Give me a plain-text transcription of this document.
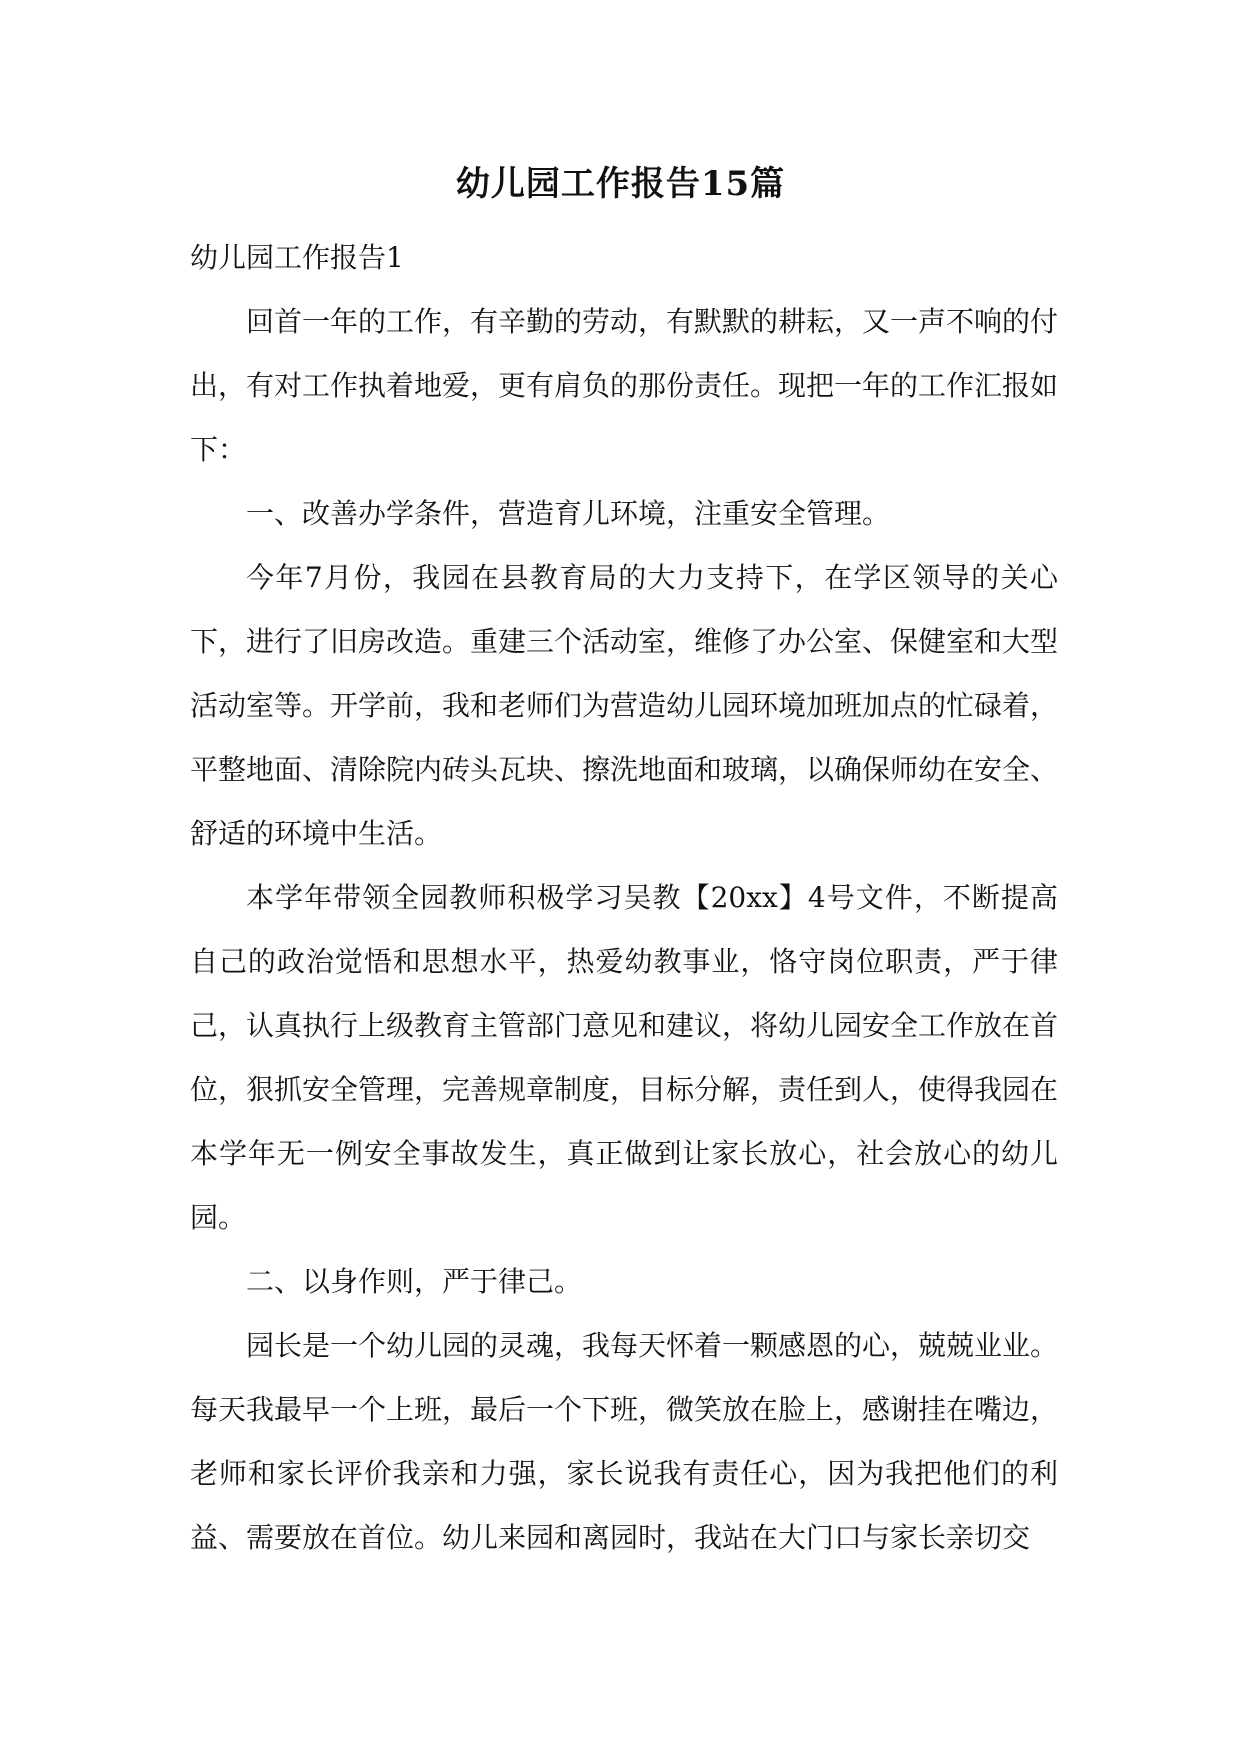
幼儿园工作报告15篇

幼儿园工作报告1

回首一年的工作，有辛勤的劳动，有默默的耕耘，又一声不响的付出，有对工作执着地爱，更有肩负的那份责任。现把一年的工作汇报如下：

一、改善办学条件，营造育儿环境，注重安全管理。

今年7月份，我园在县教育局的大力支持下，在学区领导的关心下，进行了旧房改造。重建三个活动室，维修了办公室、保健室和大型活动室等。开学前，我和老师们为营造幼儿园环境加班加点的忙碌着，平整地面、清除院内砖头瓦块、擦洗地面和玻璃，以确保师幼在安全、舒适的环境中生活。

本学年带领全园教师积极学习吴教【20xx】4号文件，不断提高自己的政治觉悟和思想水平，热爱幼教事业，恪守岗位职责，严于律己，认真执行上级教育主管部门意见和建议，将幼儿园安全工作放在首位，狠抓安全管理，完善规章制度，目标分解，责任到人，使得我园在本学年无一例安全事故发生，真正做到让家长放心，社会放心的幼儿园。

二、以身作则，严于律己。

园长是一个幼儿园的灵魂，我每天怀着一颗感恩的心，兢兢业业。每天我最早一个上班，最后一个下班，微笑放在脸上，感谢挂在嘴边，老师和家长评价我亲和力强，家长说我有责任心，因为我把他们的利益、需要放在首位。幼儿来园和离园时，我站在大门口与家长亲切交
